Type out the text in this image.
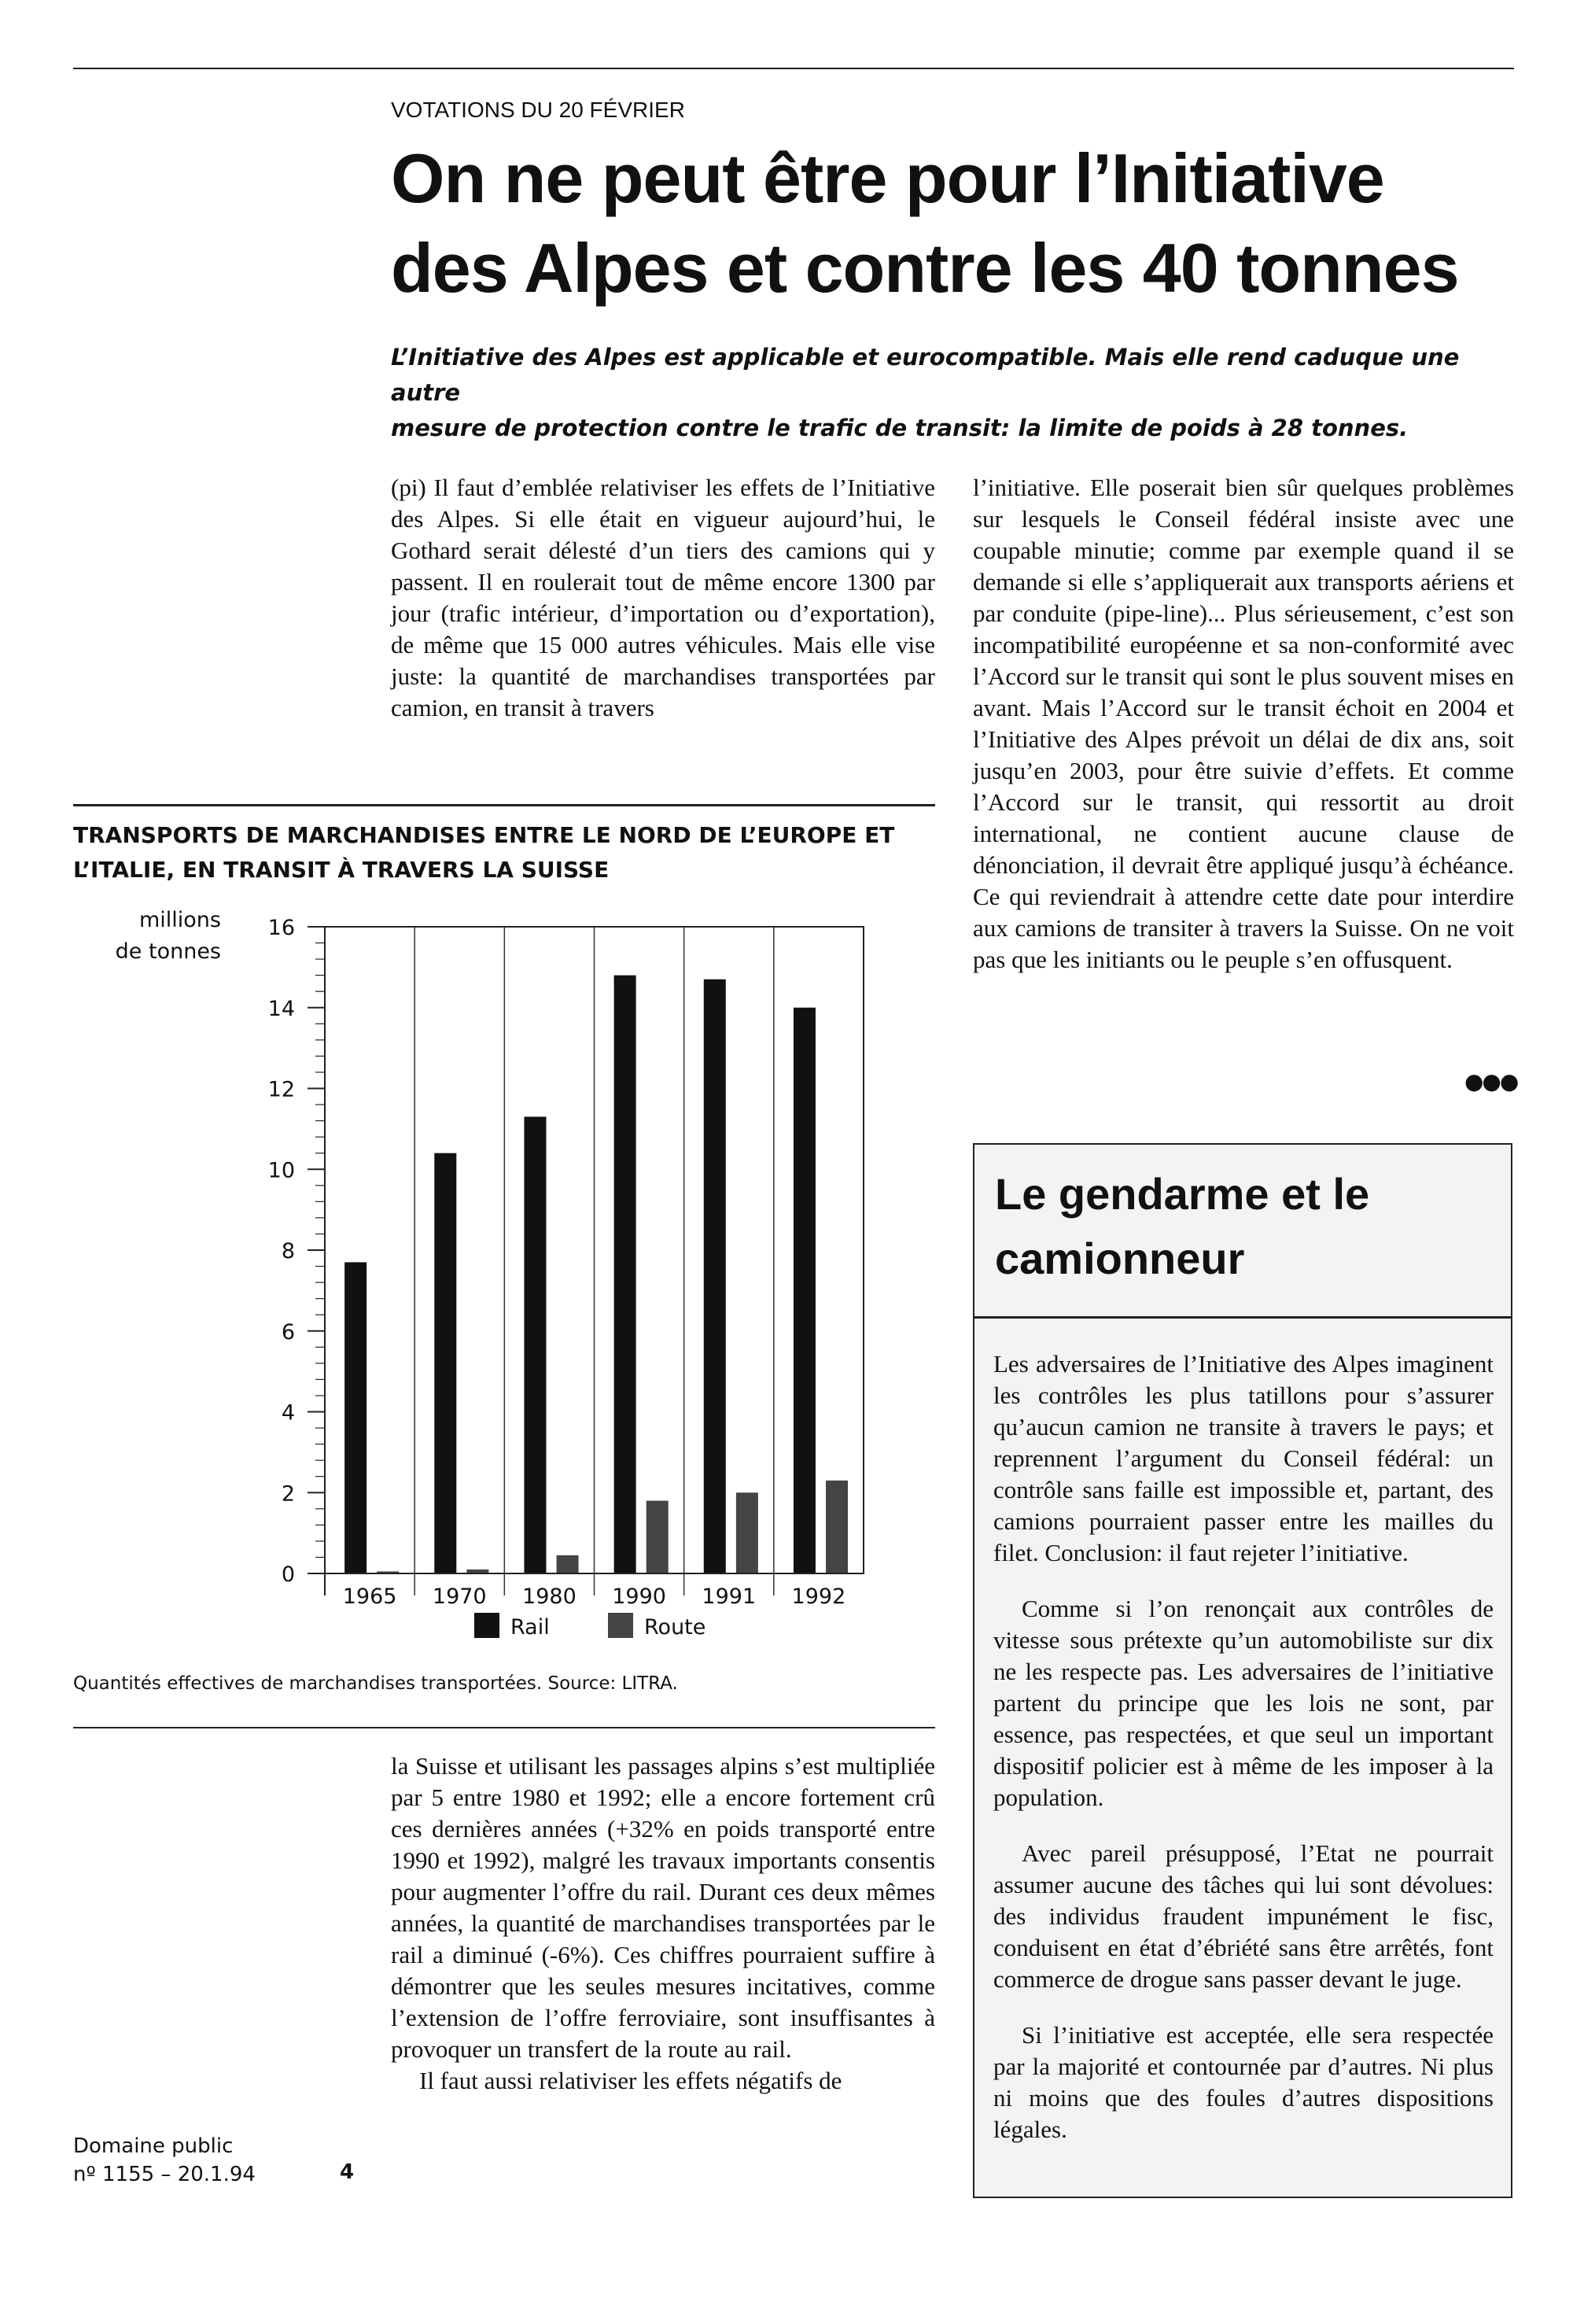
VOTATIONS DU 20 FÉVRIER
On ne peut être pour l’Initiative
des Alpes et contre les 40 tonnes
L’Initiative des Alpes est applicable et eurocompatible. Mais elle rend caduque une autre
mesure de protection contre le trafic de transit: la limite de poids à 28 tonnes.

(pi) Il faut d’emblée relativiser les effets de l’Initiative des Alpes. Si elle était en vigueur aujourd’hui, le Gothard serait délesté d’un tiers des camions qui y passent. Il en roulerait tout de même encore 1300 par jour (trafic intérieur, d’importation ou d’exportation), de même que 15 000 autres véhicules. Mais elle vise juste: la quantité de marchandises transportées par camion, en transit à travers

l’initiative. Elle poserait bien sûr quelques problèmes sur lesquels le Conseil fédéral insiste avec une coupable minutie; comme par exemple quand il se demande si elle s’appliquerait aux transports aériens et par conduite (pipe-line)... Plus sérieusement, c’est son incompatibilité européenne et sa non-conformité avec l’Accord sur le transit qui sont le plus souvent mises en avant. Mais l’Accord sur le transit échoit en 2004 et l’Initiative des Alpes prévoit un délai de dix ans, soit jusqu’en 2003, pour être suivie d’effets. Et comme l’Accord sur le transit, qui ressortit au droit international, ne contient aucune clause de dénonciation, il devrait être appliqué jusqu’à échéance. Ce qui reviendrait à attendre cette date pour interdire aux camions de transiter à travers la Suisse. On ne voit pas que les initiants ou le peuple s’en offusquent.

●●●
TRANSPORTS DE MARCHANDISES ENTRE LE NORD DE L’EUROPE ET
L’ITALIE, EN TRANSIT À TRAVERS LA SUISSE
0
2
4
6
8
10
12
14
16
1965 1970 1980 1990 1991 1992
millions
de tonnes
Rail	Route
Quantités effectives de marchandises transportées. Source: LITRA.

la Suisse et utilisant les passages alpins s’est multipliée par 5 entre 1980 et 1992; elle a encore fortement crû ces dernières années (+32% en poids transporté entre 1990 et 1992), malgré les travaux importants consentis pour augmenter l’offre du rail. Durant ces deux mêmes années, la quantité de marchandises transportées par le rail a diminué (-6%). Ces chiffres pourraient suffire à démontrer que les seules mesures incitatives, comme l’extension de l’offre ferroviaire, sont insuffisantes à provoquer un transfert de la route au rail.

Il faut aussi relativiser les effets négatifs de

Le gendarme et le camionneur

Les adversaires de l’Initiative des Alpes imaginent les contrôles les plus tatillons pour s’assurer qu’aucun camion ne transite à travers le pays; et reprennent l’argument du Conseil fédéral: un contrôle sans faille est impossible et, partant, des camions pourraient passer entre les mailles du filet. Conclusion: il faut rejeter l’initiative.

Comme si l’on renonçait aux contrôles de vitesse sous prétexte qu’un automobiliste sur dix ne les respecte pas. Les adversaires de l’initiative partent du principe que les lois ne sont, par essence, pas respectées, et que seul un important dispositif policier est à même de les imposer à la population.

Avec pareil présupposé, l’Etat ne pourrait assumer aucune des tâches qui lui sont dévolues: des individus fraudent impunément le fisc, conduisent en état d’ébriété sans être arrêtés, font commerce de drogue sans passer devant le juge.

Si l’initiative est acceptée, elle sera respectée par la majorité et contournée par d’autres. Ni plus ni moins que des foules d’autres dispositions légales.

Domaine public
nº 1155 – 20.1.94	4
